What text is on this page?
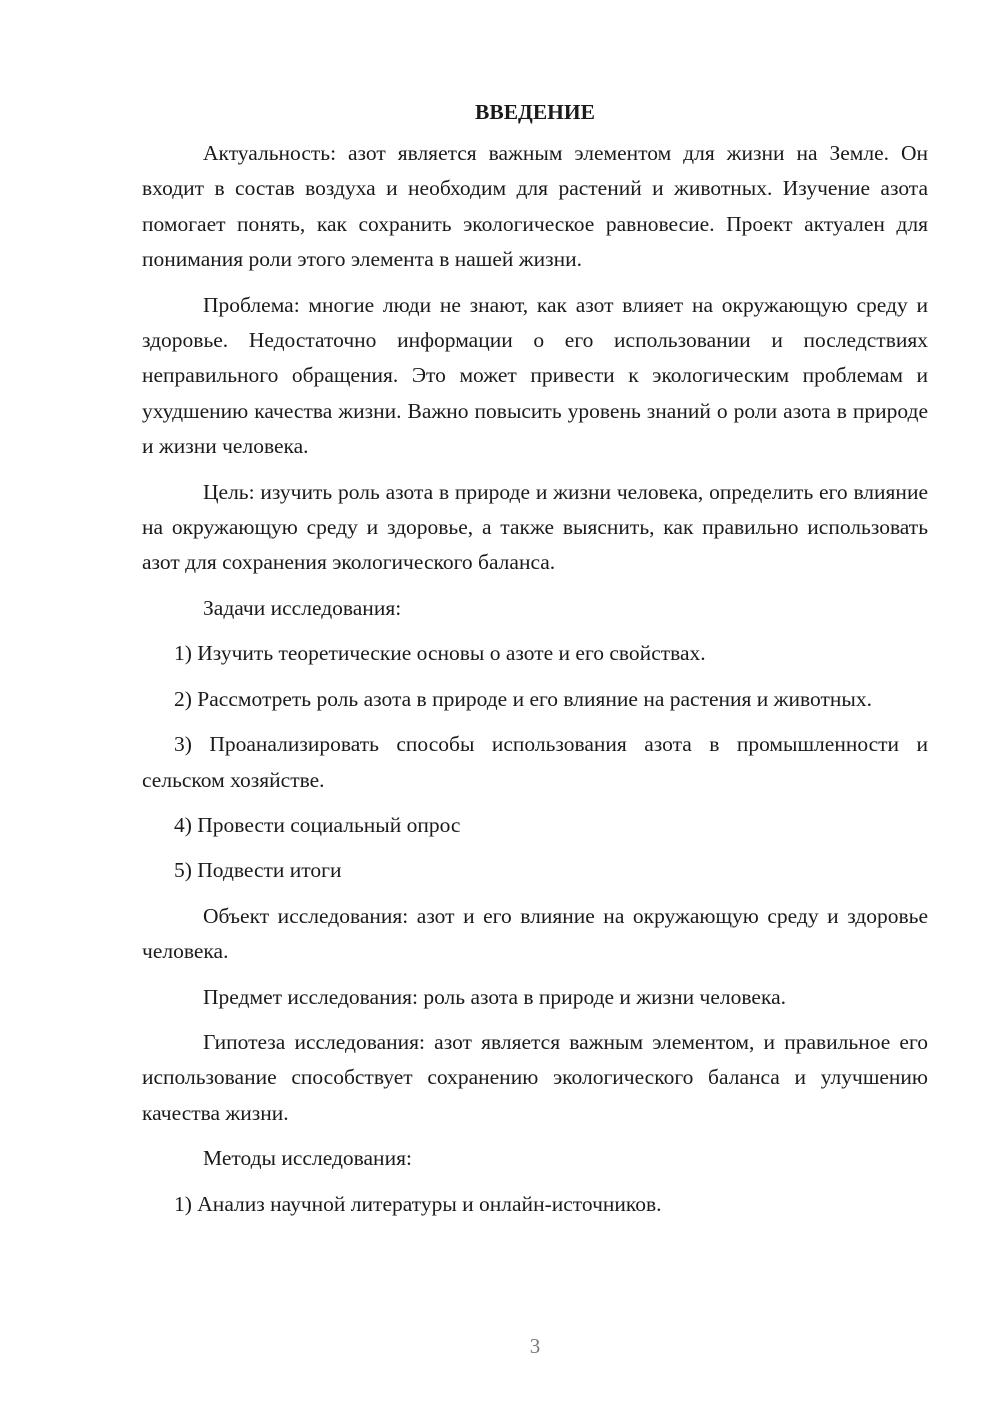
ВВЕДЕНИЕ
Актуальность: азот является важным элементом для жизни на Земле. Он входит в состав воздуха и необходим для растений и животных. Изучение азота помогает понять, как сохранить экологическое равновесие. Проект актуален для понимания роли этого элемента в нашей жизни.
Проблема: многие люди не знают, как азот влияет на окружающую среду и здоровье. Недостаточно информации о его использовании и последствиях неправильного обращения. Это может привести к экологическим проблемам и ухудшению качества жизни. Важно повысить уровень знаний о роли азота в природе и жизни человека.
Цель: изучить роль азота в природе и жизни человека, определить его влияние на окружающую среду и здоровье, а также выяснить, как правильно использовать азот для сохранения экологического баланса.
Задачи исследования:
1) Изучить теоретические основы о азоте и его свойствах.
2) Рассмотреть роль азота в природе и его влияние на растения и животных.
3) Проанализировать способы использования азота в промышленности и сельском хозяйстве.
4) Провести социальный опрос
5) Подвести итоги
Объект исследования: азот и его влияние на окружающую среду и здоровье человека.
Предмет исследования: роль азота в природе и жизни человека.
Гипотеза исследования: азот является важным элементом, и правильное его использование способствует сохранению экологического баланса и улучшению качества жизни.
Методы исследования:
1) Анализ научной литературы и онлайн-источников.
3
